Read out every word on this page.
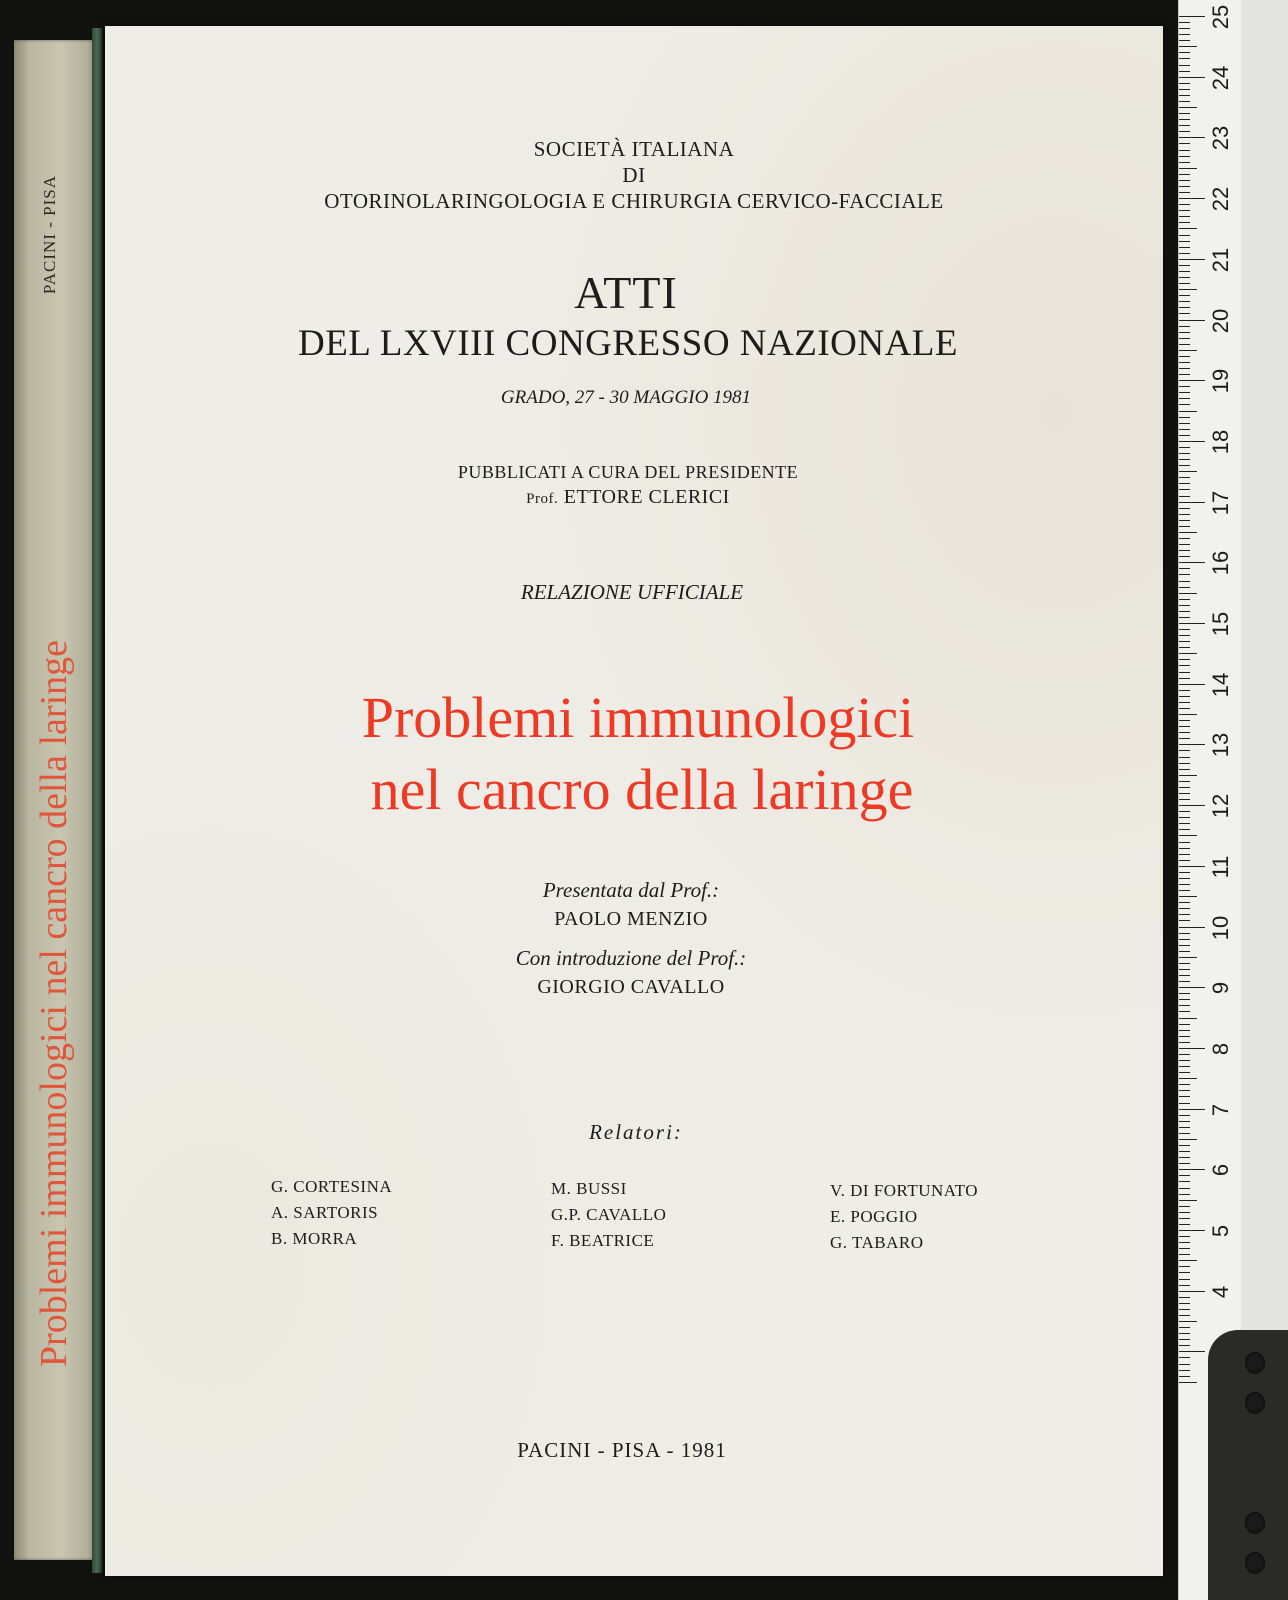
PACINI - PISA
Problemi immunologici nel cancro della laringe
SOCIETÀ ITALIANA
DI
OTORINOLARINGOLOGIA E CHIRURGIA CERVICO-FACCIALE
ATTI
DEL LXVIII CONGRESSO NAZIONALE
GRADO, 27 - 30 MAGGIO 1981
PUBBLICATI A CURA DEL PRESIDENTE
Prof. ETTORE CLERICI
RELAZIONE UFFICIALE
Problemi immunologici
nel cancro della laringe
Presentata dal Prof.:
PAOLO MENZIO
Con introduzione del Prof.:
GIORGIO CAVALLO
Relatori:
G. CORTESINA
A. SARTORIS
B. MORRA
M. BUSSI
G.P. CAVALLO
F. BEATRICE
V. DI FORTUNATO
E. POGGIO
G. TABARO
PACINI - PISA - 1981
25
24
23
22
21
20
19
18
17
16
15
14
13
12
11
10
9
8
7
6
5
4
